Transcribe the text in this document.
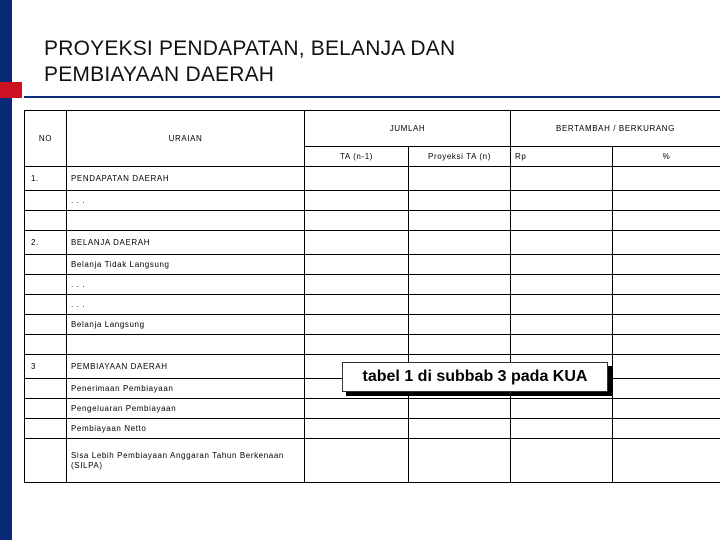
PROYEKSI PENDAPATAN, BELANJA DAN
PEMBIAYAAN DAERAH
NO	URAIAN	JUMLAH		BERTAMBAH / BERKURANG	
		TA (n-1)	Proyeksi TA (n)	Rp	%
1.	PENDAPATAN DAERAH				
	. . .				

2.	BELANJA DAERAH				
	Belanja Tidak Langsung				
	. . .				
	. . .				
	Belanja Langsung				

3	PEMBIAYAAN DAERAH				
	Penerimaan Pembiayaan				
	Pengeluaran Pembiayaan				
	Pembiayaan Netto				
	Sisa Lebih Pembiayaan Anggaran Tahun Berkenaan (SILPA)				
tabel 1 di subbab 3 pada KUA
